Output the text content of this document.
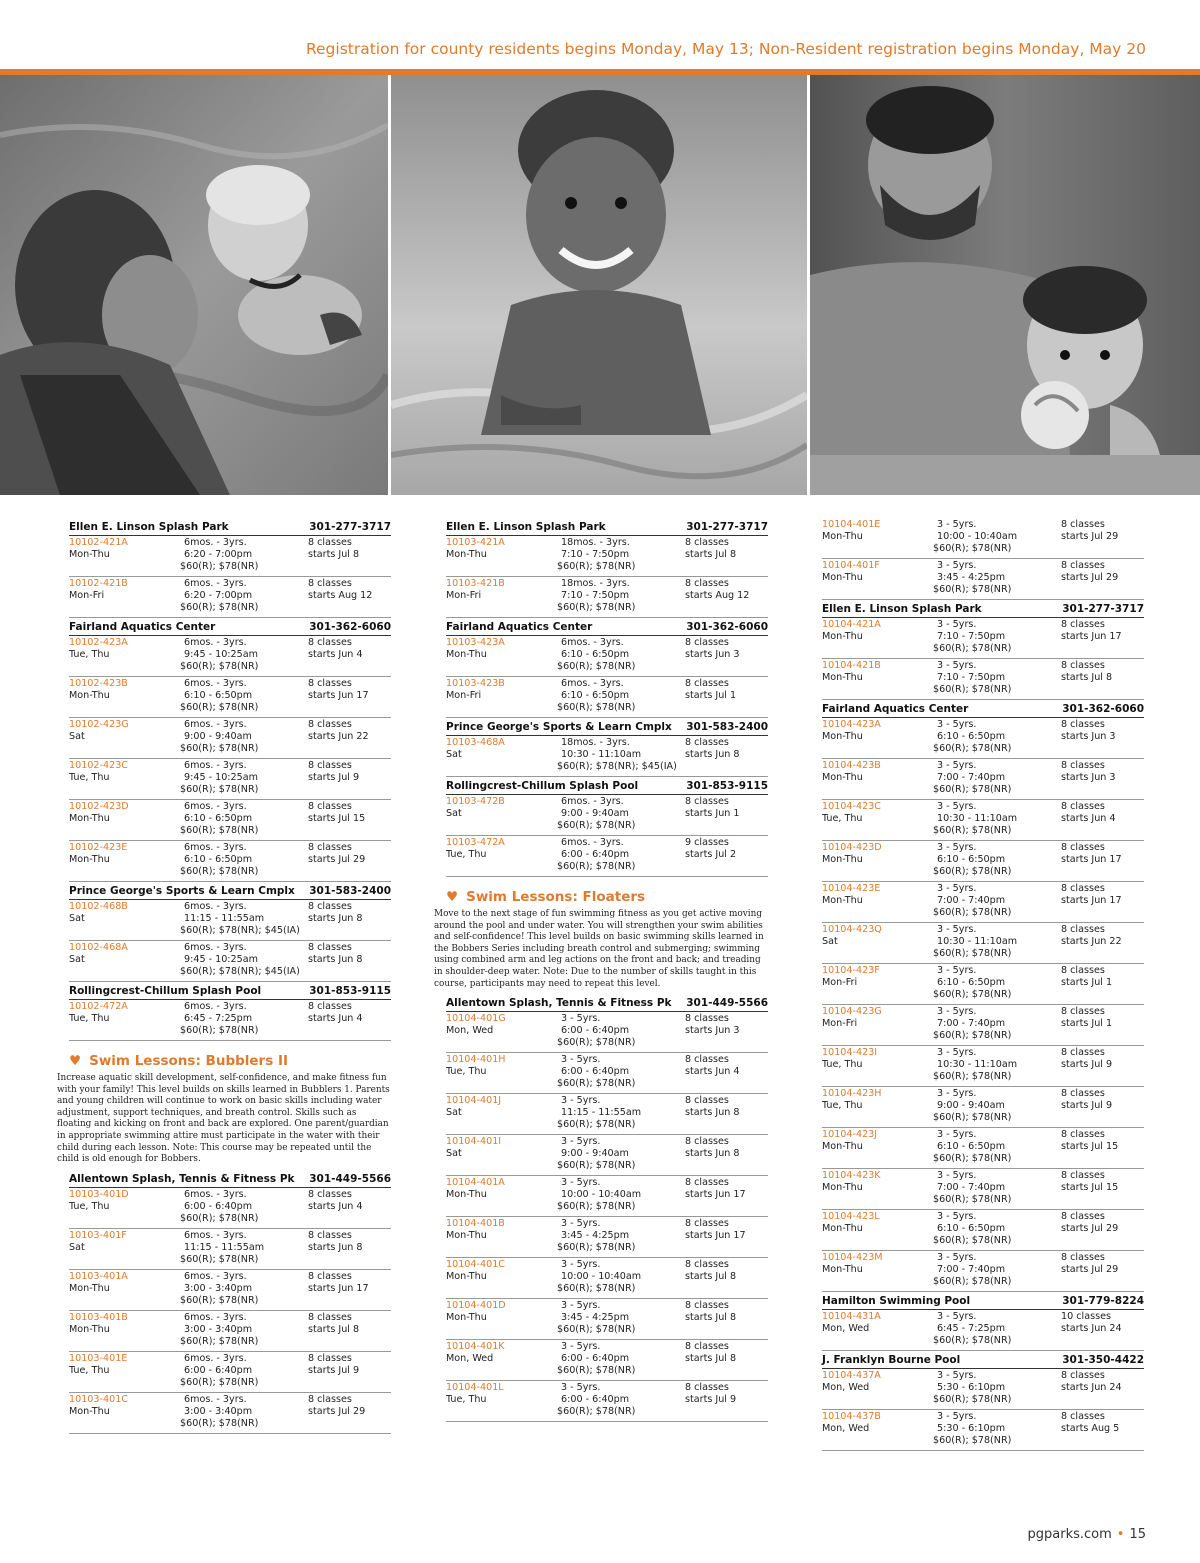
Registration for county residents begins Monday, May 13; Non-Resident registration begins Monday, May 20
Ellen E. Linson Splash Park	301-277-3717
10102-421A
Mon-Thu
6mos. - 3yrs.
6:20 - 7:00pm
$60(R); $78(NR)
8 classes
starts Jul 8
10102-421B
Mon-Fri
6mos. - 3yrs.
6:20 - 7:00pm
$60(R); $78(NR)
8 classes
starts Aug 12
Fairland Aquatics Center	301-362-6060
10102-423A
Tue, Thu
6mos. - 3yrs.
9:45 - 10:25am
$60(R); $78(NR)
8 classes
starts Jun 4
10102-423B
Mon-Thu
6mos. - 3yrs.
6:10 - 6:50pm
$60(R); $78(NR)
8 classes
starts Jun 17
10102-423G
Sat
6mos. - 3yrs.
9:00 - 9:40am
$60(R); $78(NR)
8 classes
starts Jun 22
10102-423C
Tue, Thu
6mos. - 3yrs.
9:45 - 10:25am
$60(R); $78(NR)
8 classes
starts Jul 9
10102-423D
Mon-Thu
6mos. - 3yrs.
6:10 - 6:50pm
$60(R); $78(NR)
8 classes
starts Jul 15
10102-423E
Mon-Thu
6mos. - 3yrs.
6:10 - 6:50pm
$60(R); $78(NR)
8 classes
starts Jul 29
Prince George's Sports & Learn Cmplx 301-583-2400
10102-468B
Sat
6mos. - 3yrs.
11:15 - 11:55am
$60(R); $78(NR); $45(IA)
8 classes
starts Jun 8
10102-468A
Sat
6mos. - 3yrs.
9:45 - 10:25am
$60(R); $78(NR); $45(IA)
8 classes
starts Jun 8
Rollingcrest-Chillum Splash Pool	301-853-9115
10102-472A
Tue, Thu
6mos. - 3yrs.
6:45 - 7:25pm
$60(R); $78(NR)
8 classes
starts Jun 4
♥ Swim Lessons: Bubblers II
Increase aquatic skill development, self-confidence, and make fitness fun with your family! This level builds on skills learned in Bubblers 1. Parents and young children will continue to work on basic skills including water adjustment, support techniques, and breath control. Skills such as floating and kicking on front and back are explored. One parent/guardian in appropriate swimming attire must participate in the water with their child during each lesson. Note: This course may be repeated until the child is old enough for Bobbers.
Allentown Splash, Tennis & Fitness Pk 301-449-5566
10103-401D
Tue, Thu
6mos. - 3yrs.
6:00 - 6:40pm
$60(R); $78(NR)
8 classes
starts Jun 4
10103-401F
Sat
6mos. - 3yrs.
11:15 - 11:55am
$60(R); $78(NR)
8 classes
starts Jun 8
10103-401A
Mon-Thu
6mos. - 3yrs.
3:00 - 3:40pm
$60(R); $78(NR)
8 classes
starts Jun 17
10103-401B
Mon-Thu
6mos. - 3yrs.
3:00 - 3:40pm
$60(R); $78(NR)
8 classes
starts Jul 8
10103-401E
Tue, Thu
6mos. - 3yrs.
6:00 - 6:40pm
$60(R); $78(NR)
8 classes
starts Jul 9
10103-401C
Mon-Thu
6mos. - 3yrs.
3:00 - 3:40pm
$60(R); $78(NR)
8 classes
starts Jul 29
Ellen E. Linson Splash Park	301-277-3717
10103-421A
Mon-Thu
18mos. - 3yrs.
7:10 - 7:50pm
$60(R); $78(NR)
8 classes
starts Jul 8
10103-421B
Mon-Fri
18mos. - 3yrs.
7:10 - 7:50pm
$60(R); $78(NR)
8 classes
starts Aug 12
Fairland Aquatics Center	301-362-6060
10103-423A
Mon-Thu
6mos. - 3yrs.
6:10 - 6:50pm
$60(R); $78(NR)
8 classes
starts Jun 3
10103-423B
Mon-Fri
6mos. - 3yrs.
6:10 - 6:50pm
$60(R); $78(NR)
8 classes
starts Jul 1
Prince George's Sports & Learn Cmplx 301-583-2400
10103-468A
Sat
18mos. - 3yrs.
10:30 - 11:10am
$60(R); $78(NR); $45(IA)
8 classes
starts Jun 8
Rollingcrest-Chillum Splash Pool	301-853-9115
10103-472B
Sat
6mos. - 3yrs.
9:00 - 9:40am
$60(R); $78(NR)
8 classes
starts Jun 1
10103-472A
Tue, Thu
6mos. - 3yrs.
6:00 - 6:40pm
$60(R); $78(NR)
9 classes
starts Jul 2
♥ Swim Lessons: Floaters
Move to the next stage of fun swimming fitness as you get active moving around the pool and under water. You will strengthen your swim abilities and self-confidence! This level builds on basic swimming skills learned in the Bobbers Series including breath control and submerging; swimming using combined arm and leg actions on the front and back; and treading in shoulder-deep water. Note: Due to the number of skills taught in this course, participants may need to repeat this level.
Allentown Splash, Tennis & Fitness Pk 301-449-5566
10104-401G
Mon, Wed
3 - 5yrs.
6:00 - 6:40pm
$60(R); $78(NR)
8 classes
starts Jun 3
10104-401H
Tue, Thu
3 - 5yrs.
6:00 - 6:40pm
$60(R); $78(NR)
8 classes
starts Jun 4
10104-401J
Sat
3 - 5yrs.
11:15 - 11:55am
$60(R); $78(NR)
8 classes
starts Jun 8
10104-401I
Sat
3 - 5yrs.
9:00 - 9:40am
$60(R); $78(NR)
8 classes
starts Jun 8
10104-401A
Mon-Thu
3 - 5yrs.
10:00 - 10:40am
$60(R); $78(NR)
8 classes
starts Jun 17
10104-401B
Mon-Thu
3 - 5yrs.
3:45 - 4:25pm
$60(R); $78(NR)
8 classes
starts Jun 17
10104-401C
Mon-Thu
3 - 5yrs.
10:00 - 10:40am
$60(R); $78(NR)
8 classes
starts Jul 8
10104-401D
Mon-Thu
3 - 5yrs.
3:45 - 4:25pm
$60(R); $78(NR)
8 classes
starts Jul 8
10104-401K
Mon, Wed
3 - 5yrs.
6:00 - 6:40pm
$60(R); $78(NR)
8 classes
starts Jul 8
10104-401L
Tue, Thu
3 - 5yrs.
6:00 - 6:40pm
$60(R); $78(NR)
8 classes
starts Jul 9
10104-401E
Mon-Thu
3 - 5yrs.
10:00 - 10:40am
$60(R); $78(NR)
8 classes
starts Jul 29
10104-401F
Mon-Thu
3 - 5yrs.
3:45 - 4:25pm
$60(R); $78(NR)
8 classes
starts Jul 29
Ellen E. Linson Splash Park	301-277-3717
10104-421A
Mon-Thu
3 - 5yrs.
7:10 - 7:50pm
$60(R); $78(NR)
8 classes
starts Jun 17
10104-421B
Mon-Thu
3 - 5yrs.
7:10 - 7:50pm
$60(R); $78(NR)
8 classes
starts Jul 8
Fairland Aquatics Center	301-362-6060
10104-423A
Mon-Thu
3 - 5yrs.
6:10 - 6:50pm
$60(R); $78(NR)
8 classes
starts Jun 3
10104-423B
Mon-Thu
3 - 5yrs.
7:00 - 7:40pm
$60(R); $78(NR)
8 classes
starts Jun 3
10104-423C
Tue, Thu
3 - 5yrs.
10:30 - 11:10am
$60(R); $78(NR)
8 classes
starts Jun 4
10104-423D
Mon-Thu
3 - 5yrs.
6:10 - 6:50pm
$60(R); $78(NR)
8 classes
starts Jun 17
10104-423E
Mon-Thu
3 - 5yrs.
7:00 - 7:40pm
$60(R); $78(NR)
8 classes
starts Jun 17
10104-423Q
Sat
3 - 5yrs.
10:30 - 11:10am
$60(R); $78(NR)
8 classes
starts Jun 22
10104-423F
Mon-Fri
3 - 5yrs.
6:10 - 6:50pm
$60(R); $78(NR)
8 classes
starts Jul 1
10104-423G
Mon-Fri
3 - 5yrs.
7:00 - 7:40pm
$60(R); $78(NR)
8 classes
starts Jul 1
10104-423I
Tue, Thu
3 - 5yrs.
10:30 - 11:10am
$60(R); $78(NR)
8 classes
starts Jul 9
10104-423H
Tue, Thu
3 - 5yrs.
9:00 - 9:40am
$60(R); $78(NR)
8 classes
starts Jul 9
10104-423J
Mon-Thu
3 - 5yrs.
6:10 - 6:50pm
$60(R); $78(NR)
8 classes
starts Jul 15
10104-423K
Mon-Thu
3 - 5yrs.
7:00 - 7:40pm
$60(R); $78(NR)
8 classes
starts Jul 15
10104-423L
Mon-Thu
3 - 5yrs.
6:10 - 6:50pm
$60(R); $78(NR)
8 classes
starts Jul 29
10104-423M
Mon-Thu
3 - 5yrs.
7:00 - 7:40pm
$60(R); $78(NR)
8 classes
starts Jul 29
Hamilton Swimming Pool	301-779-8224
10104-431A
Mon, Wed
3 - 5yrs.
6:45 - 7:25pm
$60(R); $78(NR)
10 classes
starts Jun 24
J. Franklyn Bourne Pool	301-350-4422
10104-437A
Mon, Wed
3 - 5yrs.
5:30 - 6:10pm
$60(R); $78(NR)
8 classes
starts Jun 24
10104-437B
Mon, Wed
3 - 5yrs.
5:30 - 6:10pm
$60(R); $78(NR)
8 classes
starts Aug 5
pgparks.com • 15
